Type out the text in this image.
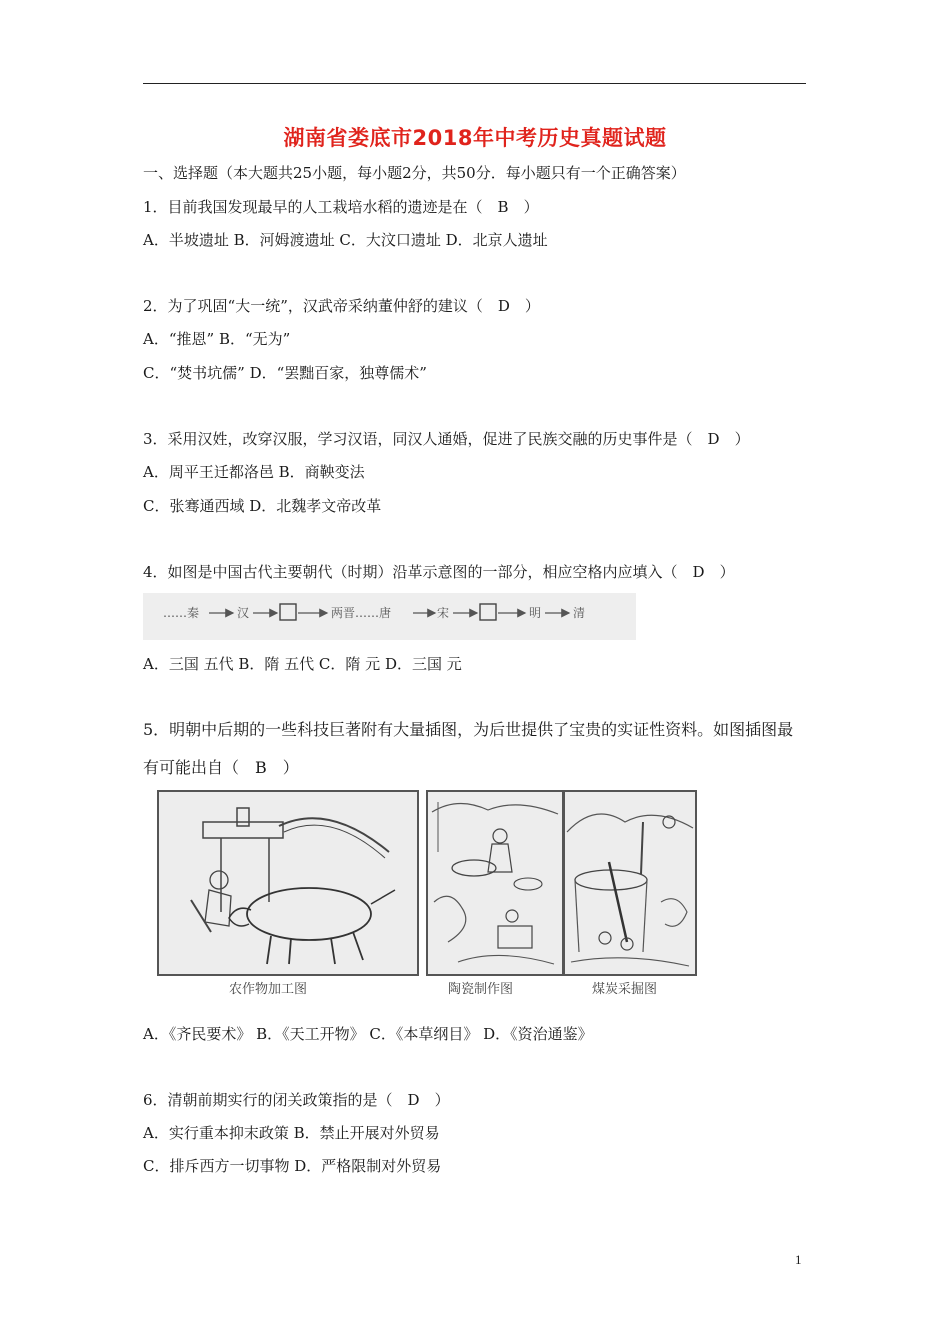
湖南省娄底市2018年中考历史真题试题
一、选择题（本大题共25小题，每小题2分，共50分．每小题只有一个正确答案）
1．目前我国发现最早的人工栽培水稻的遗迹是在（　B　）
A．半坡遗址 B．河姆渡遗址 C．大汶口遗址 D．北京人遗址
2．为了巩固“大一统”，汉武帝采纳董仲舒的建议（　D　）
A．“推恩” B．“无为”
C．“焚书坑儒” D．“罢黜百家，独尊儒术”
3．采用汉姓，改穿汉服，学习汉语，同汉人通婚，促进了民族交融的历史事件是（　D　）
A．周平王迁都洛邑 B．商鞅变法
C．张骞通西域 D．北魏孝文帝改革
4．如图是中国古代主要朝代（时期）沿革示意图的一部分，相应空格内应填入（　D　）
……秦	汉	两晋……唐	宋	明	清
A．三国 五代 B．隋 五代 C．隋 元 D．三国 元
5．明朝中后期的一些科技巨著附有大量插图，为后世提供了宝贵的实证性资料。如图插图最
有可能出自（　B　）
农作物加工图	陶瓷制作图	煤炭采掘图
A．《齐民要术》 B．《天工开物》 C．《本草纲目》 D．《资治通鉴》
6．清朝前期实行的闭关政策指的是（　D　）
A．实行重本抑末政策 B．禁止开展对外贸易
C．排斥西方一切事物 D．严格限制对外贸易
1
